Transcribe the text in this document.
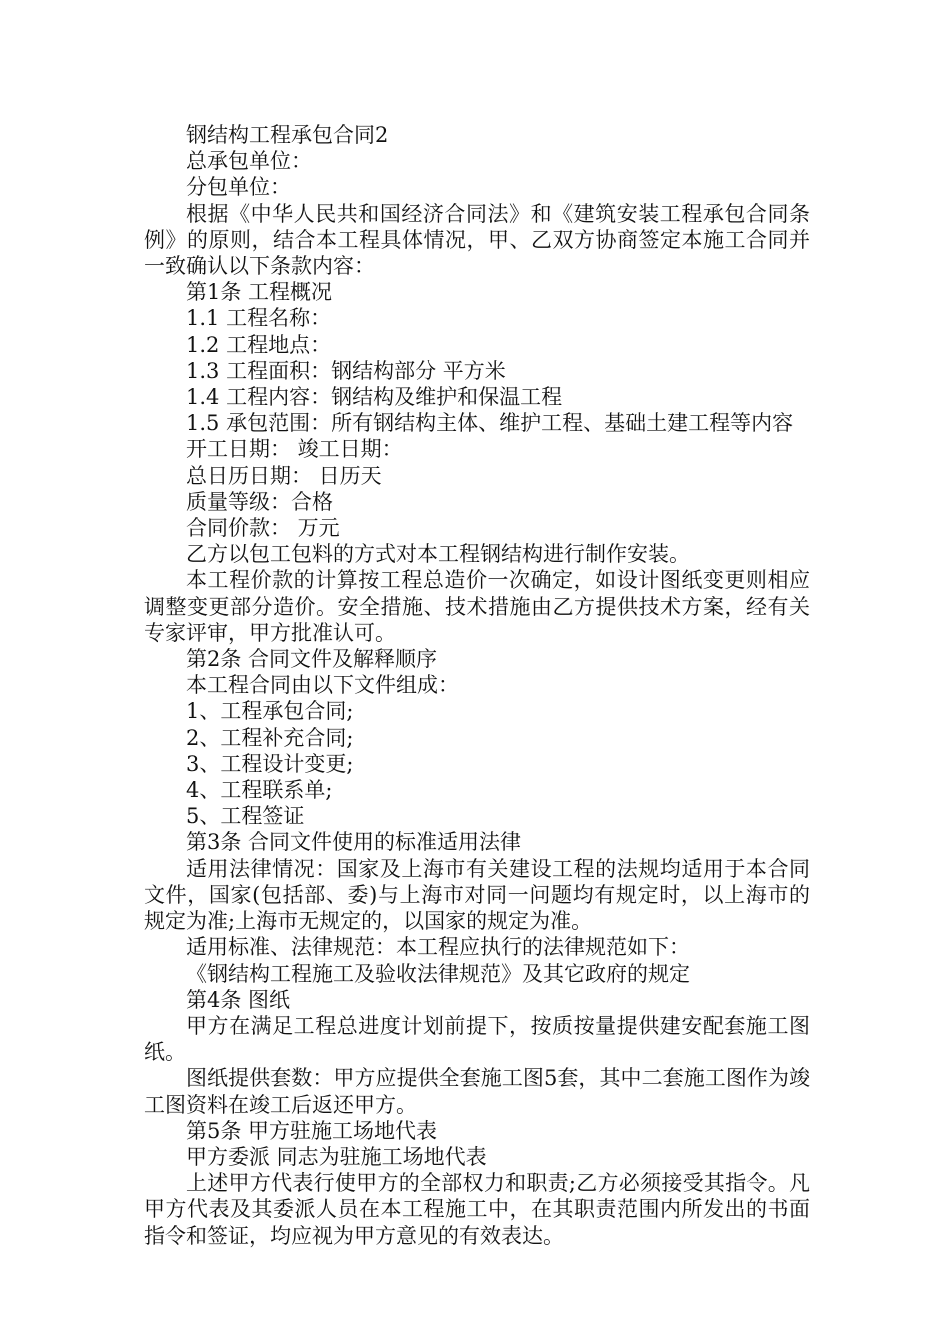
钢结构工程承包合同2

总承包单位：

分包单位：

根据《中华人民共和国经济合同法》和《建筑安装工程承包合同条例》的原则，结合本工程具体情况，甲、乙双方协商签定本施工合同并一致确认以下条款内容：

第1条 工程概况

1.1 工程名称：

1.2 工程地点：

1.3 工程面积：钢结构部分 平方米

1.4 工程内容：钢结构及维护和保温工程

1.5 承包范围：所有钢结构主体、维护工程、基础土建工程等内容

开工日期： 竣工日期：

总日历日期： 日历天

质量等级：合格

合同价款： 万元

乙方以包工包料的方式对本工程钢结构进行制作安装。

本工程价款的计算按工程总造价一次确定，如设计图纸变更则相应调整变更部分造价。安全措施、技术措施由乙方提供技术方案，经有关专家评审，甲方批准认可。

第2条 合同文件及解释顺序

本工程合同由以下文件组成：

1、工程承包合同;

2、工程补充合同;

3、工程设计变更;

4、工程联系单;

5、工程签证

第3条 合同文件使用的标准适用法律

适用法律情况：国家及上海市有关建设工程的法规均适用于本合同文件，国家(包括部、委)与上海市对同一问题均有规定时，以上海市的规定为准;上海市无规定的，以国家的规定为准。

适用标准、法律规范：本工程应执行的法律规范如下：

《钢结构工程施工及验收法律规范》及其它政府的规定

第4条 图纸

甲方在满足工程总进度计划前提下，按质按量提供建安配套施工图纸。

图纸提供套数：甲方应提供全套施工图5套，其中二套施工图作为竣工图资料在竣工后返还甲方。

第5条 甲方驻施工场地代表

甲方委派 同志为驻施工场地代表

上述甲方代表行使甲方的全部权力和职责;乙方必须接受其指令。凡甲方代表及其委派人员在本工程施工中，在其职责范围内所发出的书面指令和签证，均应视为甲方意见的有效表达。
